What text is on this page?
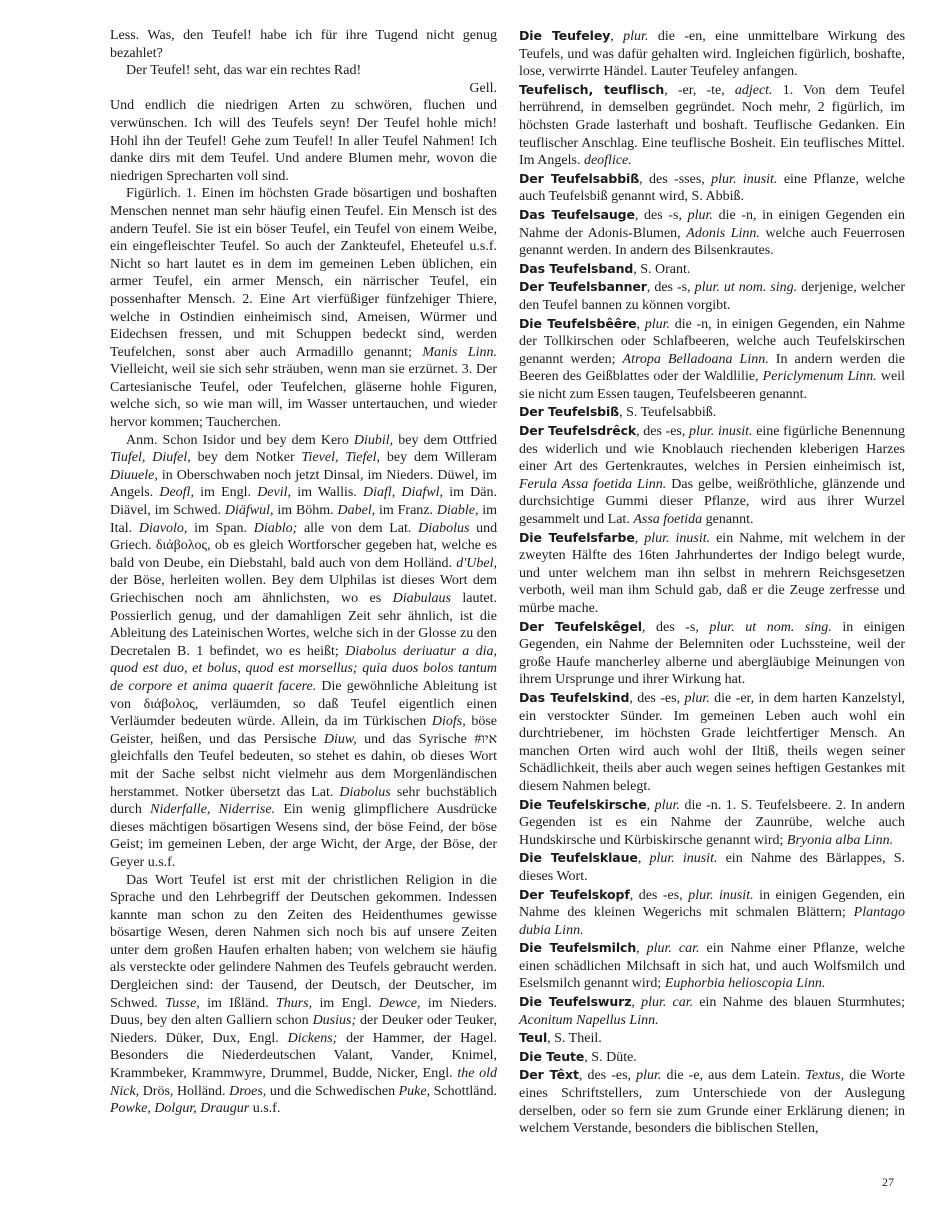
Less. Was, den Teufel! habe ich für ihre Tugend nicht genug bezahlet?

Der Teufel! seht, das war ein rechtes Rad!

Gell.

Und endlich die niedrigen Arten zu schwören, fluchen und verwünschen. Ich will des Teufels seyn! Der Teufel hohle mich! Hohl ihn der Teufel! Gehe zum Teufel! In aller Teufel Nahmen! Ich danke dirs mit dem Teufel. Und andere Blumen mehr, wovon die niedrigen Sprecharten voll sind.

Figürlich. 1. Einen im höchsten Grade bösartigen und boshaften Menschen nennet man sehr häufig einen Teufel. Ein Mensch ist des andern Teufel. Sie ist ein böser Teufel, ein Teufel von einem Weibe, ein eingefleischter Teufel. So auch der Zankteufel, Eheteufel u.s.f. Nicht so hart lautet es in dem im gemeinen Leben üblichen, ein armer Teufel, ein armer Mensch, ein närrischer Teufel, ein possenhafter Mensch. 2. Eine Art vierfüßiger fünfzehiger Thiere, welche in Ostindien einheimisch sind, Ameisen, Würmer und Eidechsen fressen, und mit Schuppen bedeckt sind, werden Teufelchen, sonst aber auch Armadillo genannt; Manis Linn. Vielleicht, weil sie sich sehr sträuben, wenn man sie erzürnet. 3. Der Cartesianische Teufel, oder Teufelchen, gläserne hohle Figuren, welche sich, so wie man will, im Wasser untertauchen, und wieder hervor kommen; Taucherchen.

Anm. Schon Isidor und bey dem Kero Diubil, bey dem Ottfried Tiufel, Diufel, bey dem Notker Tievel, Tiefel, bey dem Willeram Diuuele, in Oberschwaben noch jetzt Dinsal, im Nieders. Düwel, im Angels. Deofl, im Engl. Devil, im Wallis. Diafl, Diafwl, im Dän. Diävel, im Schwed. Diäfwul, im Böhm. Dabel, im Franz. Diable, im Ital. Diavolo, im Span. Diablo; alle von dem Lat. Diabolus und Griech. διάβολος, ob es gleich Wortforscher gegeben hat, welche es bald von Deube, ein Diebstahl, bald auch von dem Holländ. d'Ubel, der Böse, herleiten wollen. Bey dem Ulphilas ist dieses Wort dem Griechischen noch am ähnlichsten, wo es Diabulaus lautet. Possierlich genug, und der damahligen Zeit sehr ähnlich, ist die Ableitung des Lateinischen Wortes, welche sich in der Glosse zu den Decretalen B. 1 befindet, wo es heißt; Diabolus deriuatur a dia, quod est duo, et bolus, quod est morsellus; quia duos bolos tantum de corpore et anima quaerit facere. Die gewöhnliche Ableitung ist von διάβολος, verläumden, so daß Teufel eigentlich einen Verläumder bedeuten würde. Allein, da im Türkischen Diofs, böse Geister, heißen, und das Persische Diuw, und das Syrische #‏איו‏ gleichfalls den Teufel bedeuten, so stehet es dahin, ob dieses Wort mit der Sache selbst nicht vielmehr aus dem Morgenländischen herstammet. Notker übersetzt das Lat. Diabolus sehr buchstäblich durch Niderfalle, Niderrise. Ein wenig glimpflichere Ausdrücke dieses mächtigen bösartigen Wesens sind, der böse Feind, der böse Geist; im gemeinen Leben, der arge Wicht, der Arge, der Böse, der Geyer u.s.f.

Das Wort Teufel ist erst mit der christlichen Religion in die Sprache und den Lehrbegriff der Deutschen gekommen. Indessen kannte man schon zu den Zeiten des Heidenthumes gewisse bösartige Wesen, deren Nahmen sich noch bis auf unsere Zeiten unter dem großen Haufen erhalten haben; von welchem sie häufig als versteckte oder gelindere Nahmen des Teufels gebraucht werden. Dergleichen sind: der Tausend, der Deutsch, der Deutscher, im Schwed. Tusse, im Ißländ. Thurs, im Engl. Dewce, im Nieders. Duus, bey den alten Galliern schon Dusius; der Deuker oder Teuker, Nieders. Düker, Dux, Engl. Dickens; der Hammer, der Hagel. Besonders die Niederdeutschen Valant, Vander, Knimel, Krammbeker, Krammwyre, Drummel, Budde, Nicker, Engl. the old Nick, Drös, Holländ. Droes, und die Schwedischen Puke, Schottländ. Powke, Dolgur, Draugur u.s.f.

Die Teufeley, plur. die -en, eine unmittelbare Wirkung des Teufels, und was dafür gehalten wird. Ingleichen figürlich, boshafte, lose, verwirrte Händel. Lauter Teufeley anfangen.

Teufelisch, teuflisch, -er, -te, adject. 1. Von dem Teufel herrührend, in demselben gegründet. Noch mehr, 2 figürlich, im höchsten Grade lasterhaft und boshaft. Teuflische Gedanken. Ein teuflischer Anschlag. Eine teuflische Bosheit. Ein teuflisches Mittel. Im Angels. deoflice.

Der Teufelsabbiß, des -sses, plur. inusit. eine Pflanze, welche auch Teufelsbiß genannt wird, S. Abbiß.

Das Teufelsauge, des -s, plur. die -n, in einigen Gegenden ein Nahme der Adonis-Blumen, Adonis Linn. welche auch Feuerrosen genannt werden. In andern des Bilsenkrautes.

Das Teufelsband, S. Orant.

Der Teufelsbanner, des -s, plur. ut nom. sing. derjenige, welcher den Teufel bannen zu können vorgibt.

Die Teufelsbêêre, plur. die -n, in einigen Gegenden, ein Nahme der Tollkirschen oder Schlafbeeren, welche auch Teufelskirschen genannt werden; Atropa Belladoana Linn. In andern werden die Beeren des Geißblattes oder der Waldlilie, Periclymenum Linn. weil sie nicht zum Essen taugen, Teufelsbeeren genannt.

Der Teufelsbiß, S. Teufelsabbiß.

Der Teufelsdrêck, des -es, plur. inusit. eine figürliche Benennung des widerlich und wie Knoblauch riechenden kleberigen Harzes einer Art des Gertenkrautes, welches in Persien einheimisch ist, Ferula Assa foetida Linn. Das gelbe, weißröthliche, glänzende und durchsichtige Gummi dieser Pflanze, wird aus ihrer Wurzel gesammelt und Lat. Assa foetida genannt.

Die Teufelsfarbe, plur. inusit. ein Nahme, mit welchem in der zweyten Hälfte des 16ten Jahrhundertes der Indigo belegt wurde, und unter welchem man ihn selbst in mehrern Reichsgesetzen verboth, weil man ihm Schuld gab, daß er die Zeuge zerfresse und mürbe mache.

Der Teufelskêgel, des -s, plur. ut nom. sing. in einigen Gegenden, ein Nahme der Belemniten oder Luchssteine, weil der große Haufe mancherley alberne und abergläubige Meinungen von ihrem Ursprunge und ihrer Wirkung hat.

Das Teufelskind, des -es, plur. die -er, in dem harten Kanzelstyl, ein verstockter Sünder. Im gemeinen Leben auch wohl ein durchtriebener, im höchsten Grade leichtfertiger Mensch. An manchen Orten wird auch wohl der Iltiß, theils wegen seiner Schädlichkeit, theils aber auch wegen seines heftigen Gestankes mit diesem Nahmen belegt.

Die Teufelskirsche, plur. die -n. 1. S. Teufelsbeere. 2. In andern Gegenden ist es ein Nahme der Zaunrübe, welche auch Hundskirsche und Kürbiskirsche genannt wird; Bryonia alba Linn.

Die Teufelsklaue, plur. inusit. ein Nahme des Bärlappes, S. dieses Wort.

Der Teufelskopf, des -es, plur. inusit. in einigen Gegenden, ein Nahme des kleinen Wegerichs mit schmalen Blättern; Plantago dubia Linn.

Die Teufelsmilch, plur. car. ein Nahme einer Pflanze, welche einen schädlichen Milchsaft in sich hat, und auch Wolfsmilch und Eselsmilch genannt wird; Euphorbia helioscopia Linn.

Die Teufelswurz, plur. car. ein Nahme des blauen Sturmhutes; Aconitum Napellus Linn.

Teul, S. Theil.

Die Teute, S. Düte.

Der Têxt, des -es, plur. die -e, aus dem Latein. Textus, die Worte eines Schriftstellers, zum Unterschiede von der Auslegung derselben, oder so fern sie zum Grunde einer Erklärung dienen; in welchem Verstande, besonders die biblischen Stellen,

27
